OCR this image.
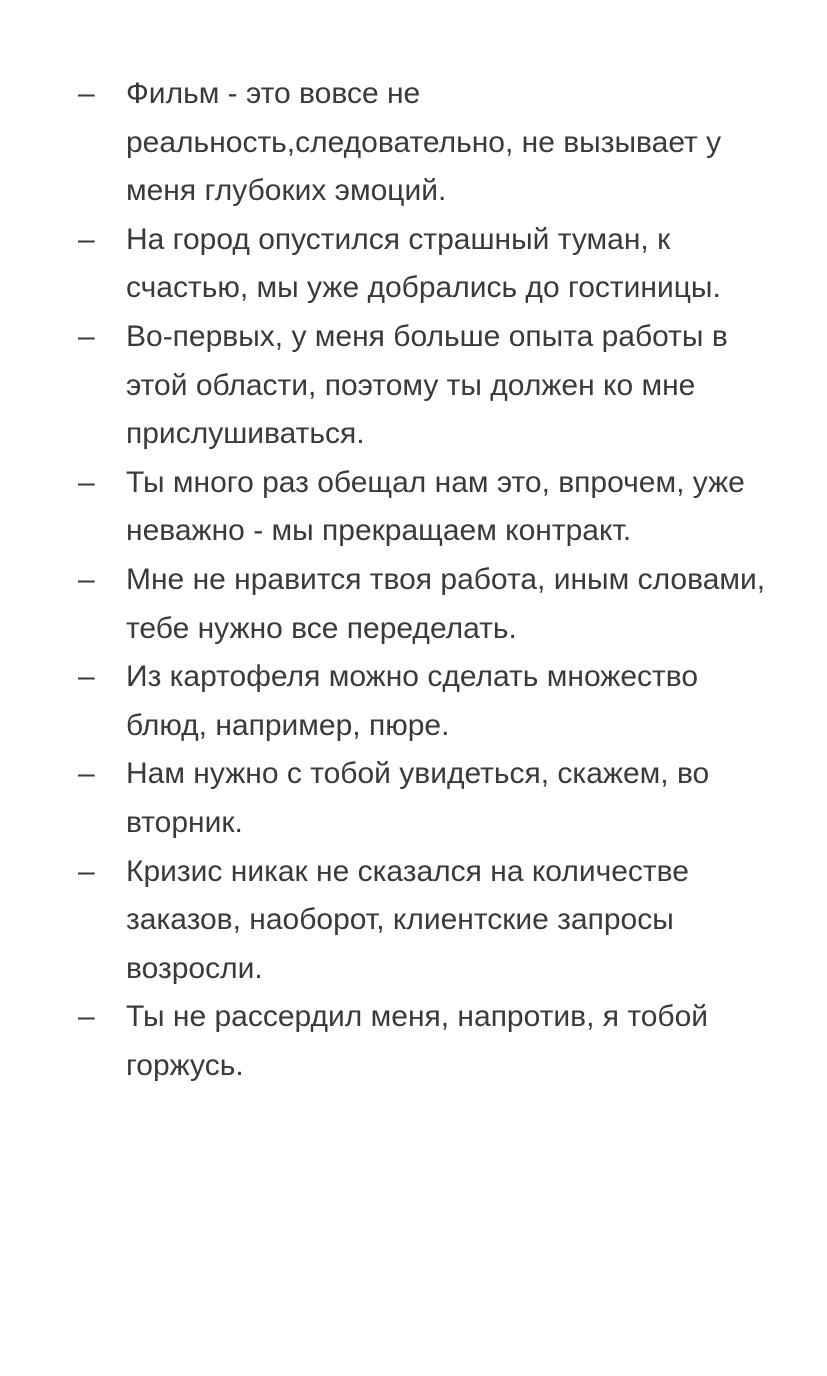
–	Фильм - это вовсе не реальность,следовательно, не вызывает у меня глубоких эмоций.
–	На город опустился страшный туман, к счастью, мы уже добрались до гостиницы.
–	Во-первых, у меня больше опыта работы в этой области, поэтому ты должен ко мне прислушиваться.
–	Ты много раз обещал нам это, впрочем, уже неважно - мы прекращаем контракт.
–	Мне не нравится твоя работа, иным словами, тебе нужно все переделать.
–	Из картофеля можно сделать множество блюд, например, пюре.
–	Нам нужно с тобой увидеться, скажем, во вторник.
–	Кризис никак не сказался на количестве заказов, наоборот, клиентские запросы возросли.
–	Ты не рассердил меня, напротив, я тобой горжусь.
